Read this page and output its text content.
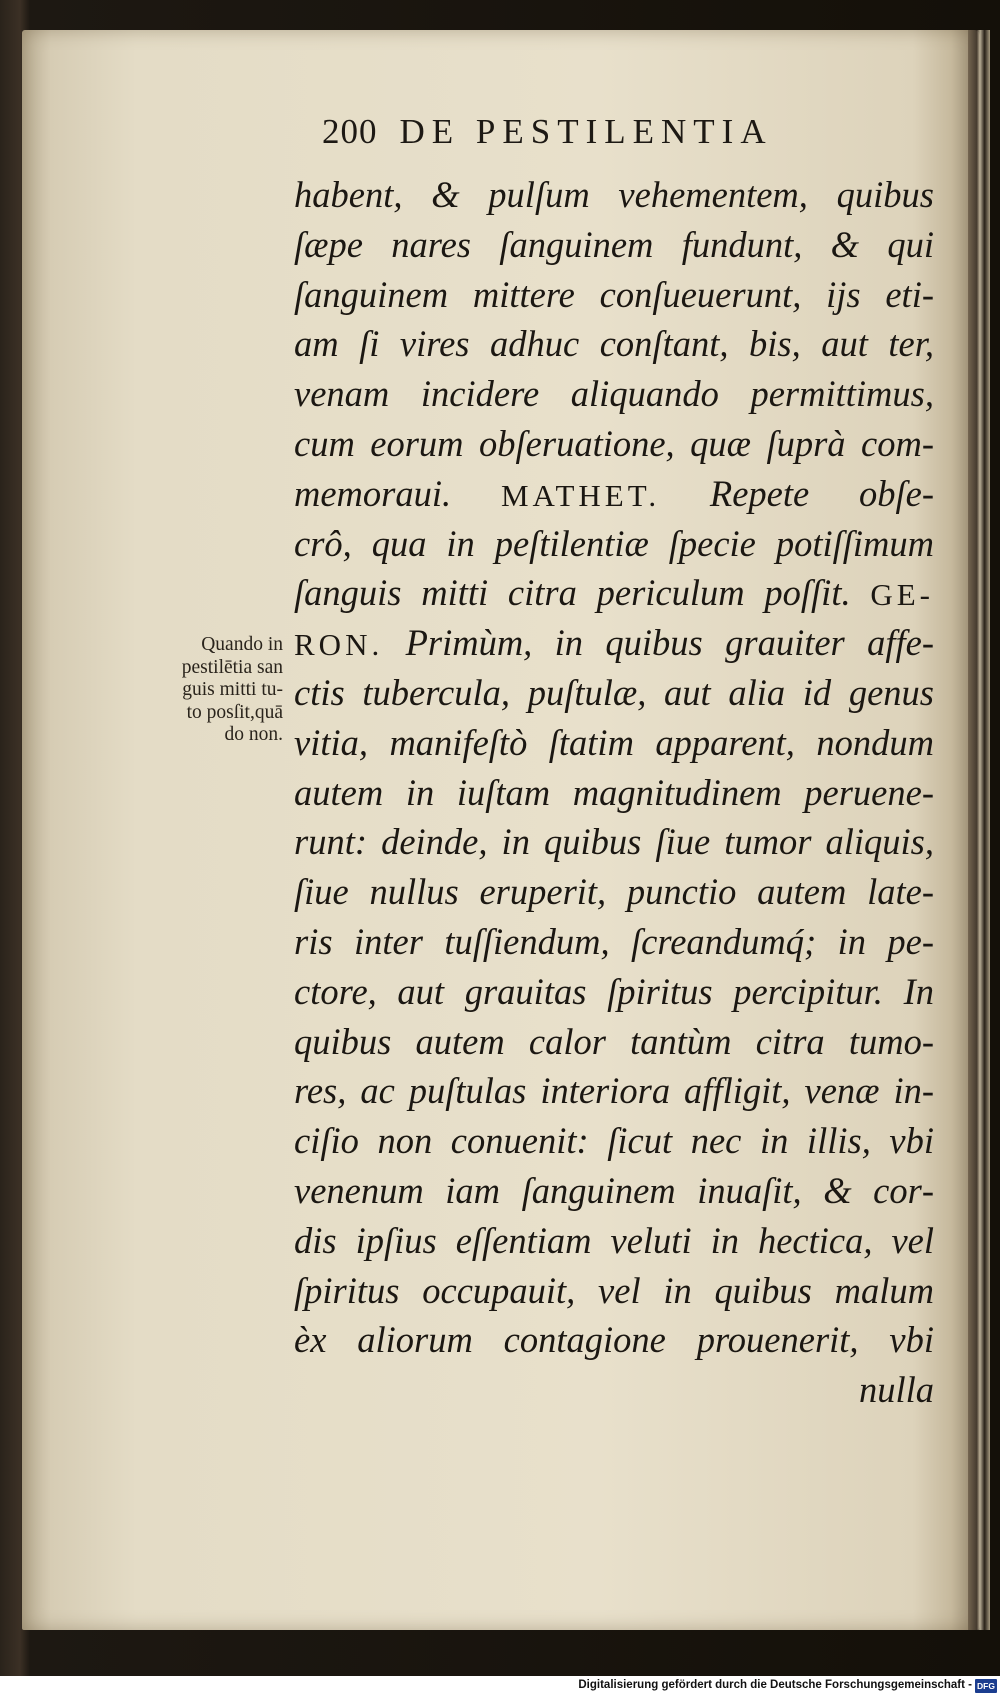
200 DE PESTILENTIA
Quando in
pestilētia san
guis mitti tu‑
to posſit,quā
do non.
habent, & pulſum vehementem, quibus
ſæpe nares ſanguinem fundunt, & qui
ſanguinem mittere conſueuerunt, ijs eti‑
am ſi vires adhuc conſtant, bis, aut ter,
venam incidere aliquando permittimus,
cum eorum obſeruatione, quæ ſuprà com‑
memoraui. MATHET. Repete obſe‑
crô, qua in peſtilentiæ ſpecie potiſſimum
ſanguis mitti citra periculum poſſit. GE‑
RON. Primùm, in quibus grauiter affe‑
ctis tubercula, puſtulæ, aut alia id genus
vitia, manifeſtò ſtatim apparent, nondum
autem in iuſtam magnitudinem peruene‑
runt: deinde, in quibus ſiue tumor aliquis,
ſiue nullus eruperit, punctio autem late‑
ris inter tuſſiendum, ſcreandumq́; in pe‑
ctore, aut grauitas ſpiritus percipitur. In
quibus autem calor tantùm citra tumo‑
res, ac puſtulas interiora affligit, venæ in‑
ciſio non conuenit: ſicut nec in illis, vbi
venenum iam ſanguinem inuaſit, & cor‑
dis ipſius eſſentiam veluti in hectica, vel
ſpiritus occupauit, vel in quibus malum
èx aliorum contagione prouenerit, vbi
nulla
Digitalisierung gefördert durch die Deutsche Forschungsgemeinschaft - DFG
